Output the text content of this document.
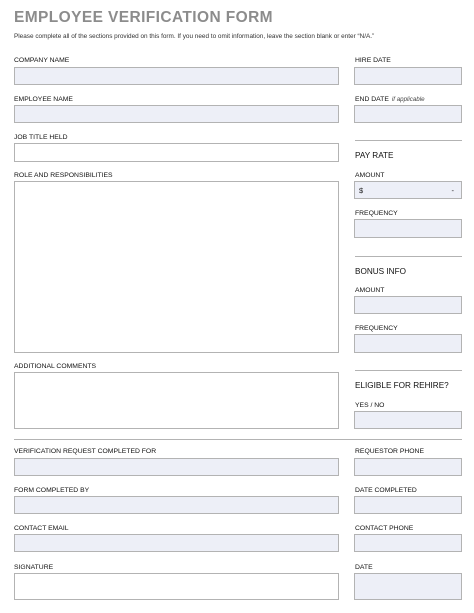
EMPLOYEE VERIFICATION FORM
Please complete all of the sections provided on this form. If you need to omit information, leave the section blank or enter “N/A.”
COMPANY NAME
EMPLOYEE NAME
JOB TITLE HELD
ROLE AND RESPONSIBILITIES
ADDITIONAL COMMENTS
HIRE DATE
END DATE if applicable
PAY RATE
AMOUNT
$	-
FREQUENCY
BONUS INFO
AMOUNT
FREQUENCY
ELIGIBLE FOR REHIRE?
YES / NO
VERIFICATION REQUEST COMPLETED FOR	REQUESTOR PHONE
FORM COMPLETED BY	DATE COMPLETED
CONTACT EMAIL	CONTACT PHONE
SIGNATURE	DATE
